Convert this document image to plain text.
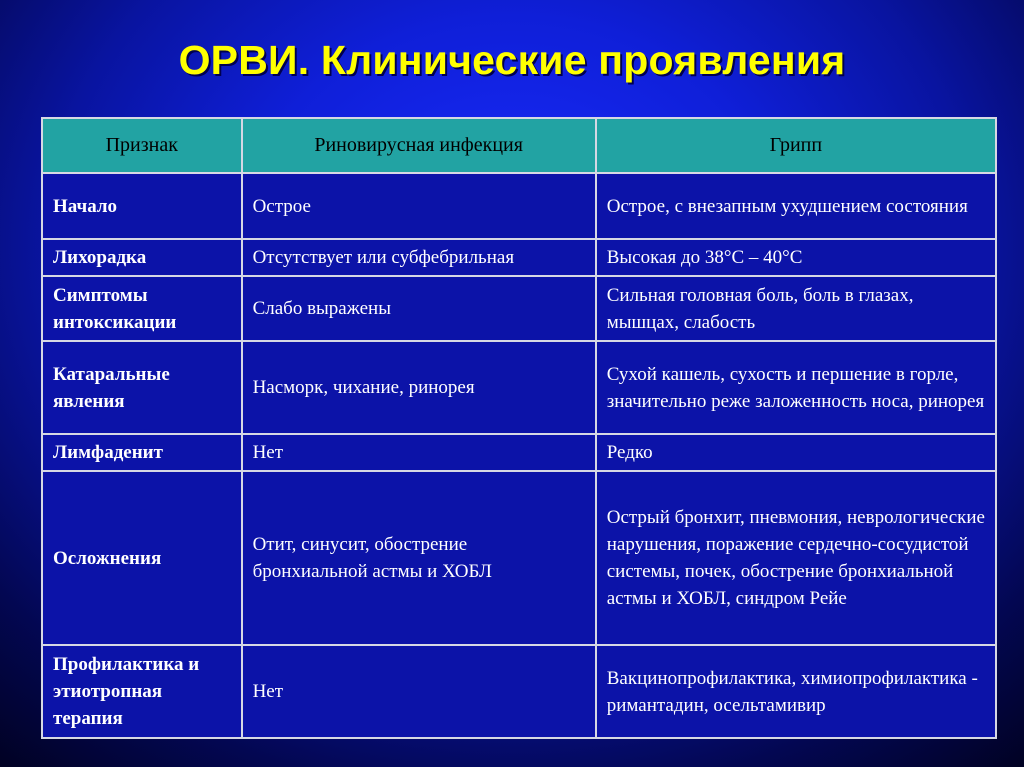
ОРВИ. Клинические проявления
Признак	Риновирусная инфекция	Грипп
Начало	Острое	Острое, с внезапным ухудшением состояния
Лихорадка	Отсутствует или субфебрильная	Высокая до 38°С – 40°С
Симптомы интоксикации	Слабо выражены	Сильная головная боль, боль в глазах, мышцах, слабость
Катаральные явления	Насморк, чихание, ринорея	Сухой кашель, сухость и першение в горле, значительно реже заложенность носа, ринорея
Лимфаденит	Нет	Редко
Осложнения	Отит, синусит, обострение бронхиальной астмы и ХОБЛ	Острый бронхит, пневмония, неврологические нарушения, поражение сердечно-сосудистой системы, почек, обострение бронхиальной астмы и ХОБЛ, синдром Рейе
Профилактика и этиотропная терапия	Нет	Вакцинопрофилактика, химиопрофилактика - римантадин, осельтамивир
